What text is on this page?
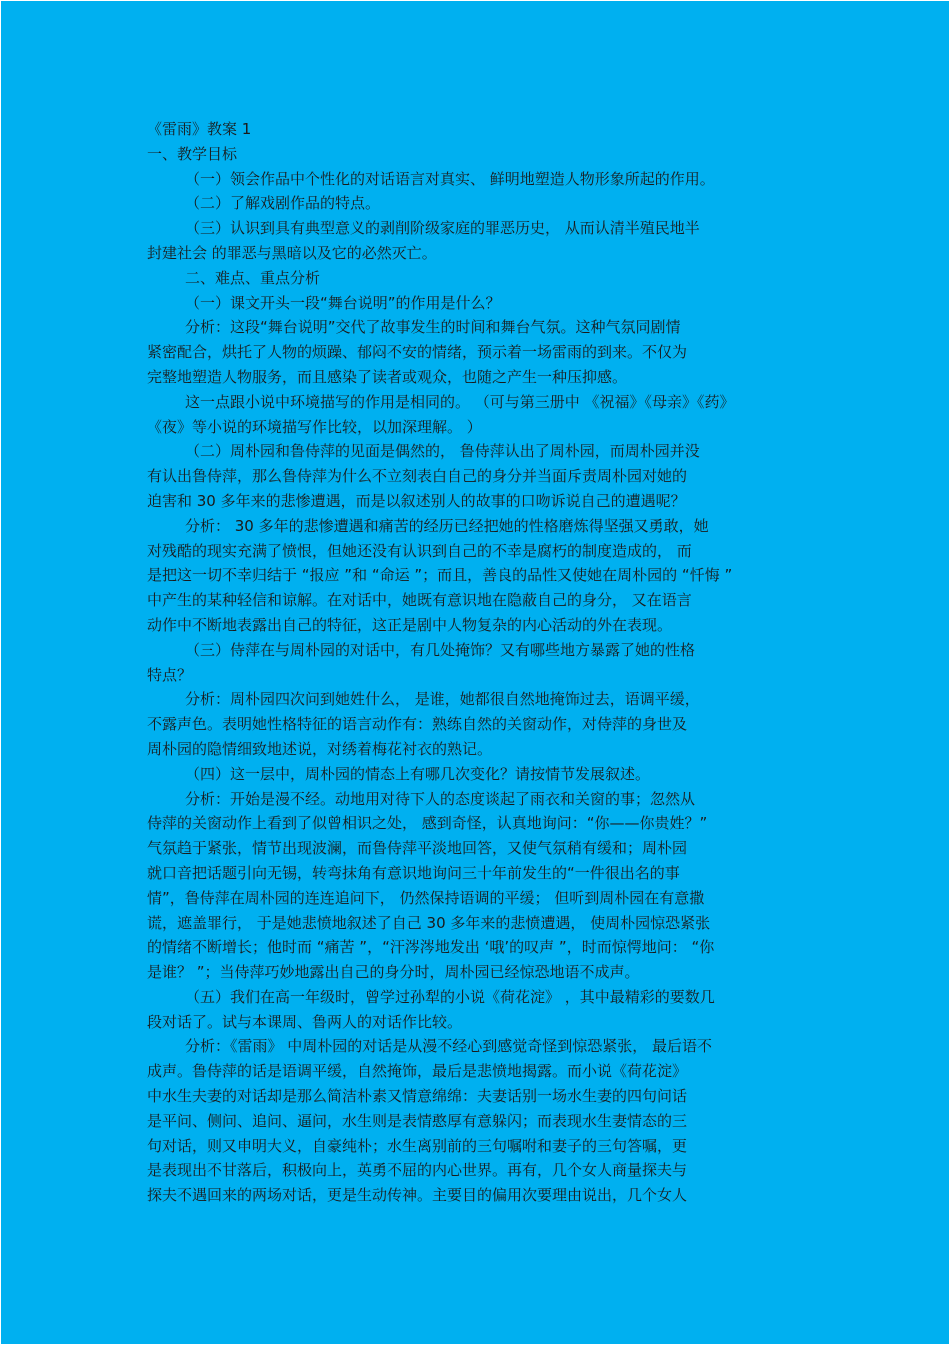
《雷雨》教案 1
一、教学目标
（一）领会作品中个性化的对话语言对真实、 鲜明地塑造人物形象所起的作用。
（二）了解戏剧作品的特点。
（三）认识到具有典型意义的剥削阶级家庭的罪恶历史， 从而认清半殖民地半
封建社会 的罪恶与黑暗以及它的必然灭亡。
二、难点、重点分析
（一）课文开头一段“舞台说明”的作用是什么？
分析：这段“舞台说明”交代了故事发生的时间和舞台气氛。这种气氛同剧情
紧密配合，烘托了人物的烦躁、郁闷不安的情绪，预示着一场雷雨的到来。不仅为
完整地塑造人物服务，而且感染了读者或观众，也随之产生一种压抑感。
这一点跟小说中环境描写的作用是相同的。 （可与第三册中 《祝福》《母亲》《药》
《夜》等小说的环境描写作比较，以加深理解。 ）
（二）周朴园和鲁侍萍的见面是偶然的， 鲁侍萍认出了周朴园，而周朴园并没
有认出鲁侍萍，那么鲁侍萍为什么不立刻表白自己的身分并当面斥责周朴园对她的
迫害和 30 多年来的悲惨遭遇，而是以叙述别人的故事的口吻诉说自己的遭遇呢？
分析： 30 多年的悲惨遭遇和痛苦的经历已经把她的性格磨炼得坚强又勇敢，她
对残酷的现实充满了愤恨，但她还没有认识到自己的不幸是腐朽的制度造成的， 而
是把这一切不幸归结于 “报应 ”和 “命运 ”；而且，善良的品性又使她在周朴园的 “忏悔 ”
中产生的某种轻信和谅解。在对话中，她既有意识地在隐蔽自己的身分， 又在语言
动作中不断地表露出自己的特征，这正是剧中人物复杂的内心活动的外在表现。
（三）侍萍在与周朴园的对话中，有几处掩饰？又有哪些地方暴露了她的性格
特点？
分析：周朴园四次问到她姓什么， 是谁，她都很自然地掩饰过去，语调平缓，
不露声色。表明她性格特征的语言动作有：熟练自然的关窗动作，对侍萍的身世及
周朴园的隐情细致地述说，对绣着梅花衬衣的熟记。
（四）这一层中，周朴园的情态上有哪几次变化？请按情节发展叙述。
分析：开始是漫不经。动地用对待下人的态度谈起了雨衣和关窗的事；忽然从
侍萍的关窗动作上看到了似曾相识之处， 感到奇怪，认真地询问：“你——你贵姓？”
气氛趋于紧张，情节出现波澜，而鲁侍萍平淡地回答，又使气氛稍有缓和；周朴园
就口音把话题引向无锡，转弯抹角有意识地询问三十年前发生的“一件很出名的事
情”，鲁侍萍在周朴园的连连追问下， 仍然保持语调的平缓； 但听到周朴园在有意撒
谎，遮盖罪行， 于是她悲愤地叙述了自己 30 多年来的悲愤遭遇， 使周朴园惊恐紧张
的情绪不断增长；他时而 “痛苦 ”，“汗涔涔地发出 ‘哦’的叹声 ”，时而惊愕地问： “你
是谁？ ”；当侍萍巧妙地露出自己的身分时，周朴园已经惊恐地语不成声。
（五）我们在高一年级时，曾学过孙犁的小说《荷花淀》 ，其中最精彩的要数几
段对话了。试与本课周、鲁两人的对话作比较。
分析：《雷雨》 中周朴园的对话是从漫不经心到感觉奇怪到惊恐紧张， 最后语不
成声。鲁侍萍的话是语调平缓，自然掩饰，最后是悲愤地揭露。而小说《荷花淀》
中水生夫妻的对话却是那么简洁朴素又情意绵绵：夫妻话别一场水生妻的四句问话
是平问、侧问、追问、逼问，水生则是表情憨厚有意躲闪；而表现水生妻情态的三
句对话，则又申明大义，自豪纯朴；水生离别前的三句嘱咐和妻子的三句答嘱，更
是表现出不甘落后，积极向上，英勇不屈的内心世界。再有，几个女人商量探夫与
探夫不遇回来的两场对话，更是生动传神。主要目的偏用次要理由说出，几个女人
